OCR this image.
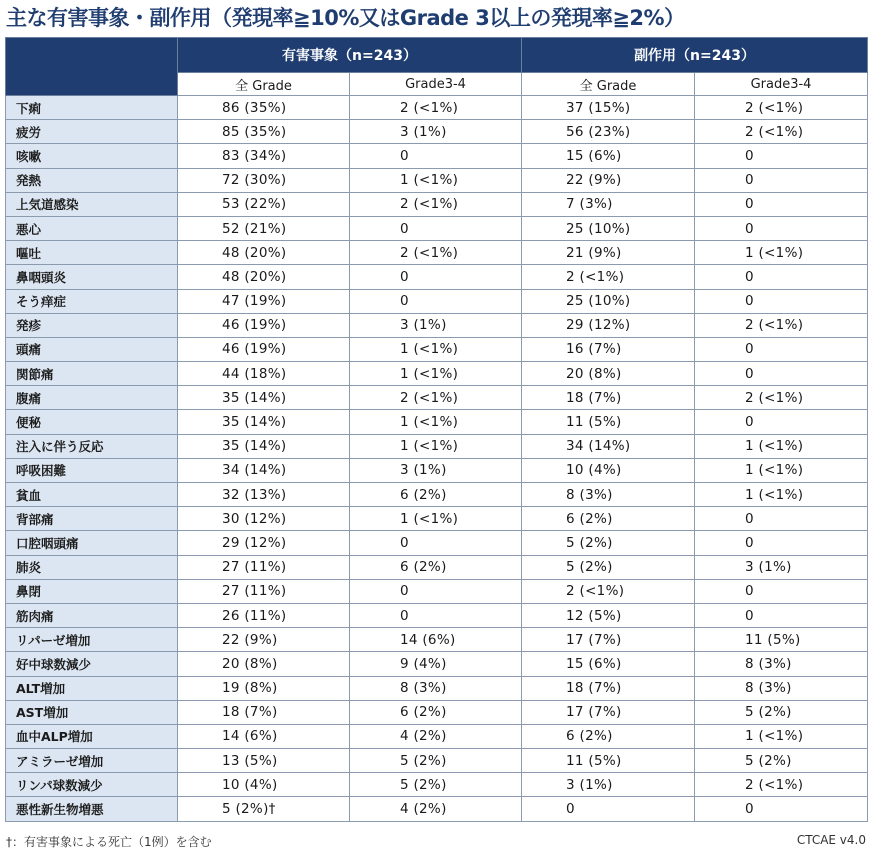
主な有害事象・副作用（発現率≧10%又はGrade 3以上の発現率≧2%）
	有害事象（n=243）		副作用（n=243）	
	全 Grade	Grade3-4	全 Grade	Grade3-4
下痢	86 (35%)	2 (<1%)	37 (15%)	2 (<1%)
疲労	85 (35%)	3 (1%)	56 (23%)	2 (<1%)
咳嗽	83 (34%)	0	15 (6%)	0
発熱	72 (30%)	1 (<1%)	22 (9%)	0
上気道感染	53 (22%)	2 (<1%)	7 (3%)	0
悪心	52 (21%)	0	25 (10%)	0
嘔吐	48 (20%)	2 (<1%)	21 (9%)	1 (<1%)
鼻咽頭炎	48 (20%)	0	2 (<1%)	0
そう痒症	47 (19%)	0	25 (10%)	0
発疹	46 (19%)	3 (1%)	29 (12%)	2 (<1%)
頭痛	46 (19%)	1 (<1%)	16 (7%)	0
関節痛	44 (18%)	1 (<1%)	20 (8%)	0
腹痛	35 (14%)	2 (<1%)	18 (7%)	2 (<1%)
便秘	35 (14%)	1 (<1%)	11 (5%)	0
注入に伴う反応	35 (14%)	1 (<1%)	34 (14%)	1 (<1%)
呼吸困難	34 (14%)	3 (1%)	10 (4%)	1 (<1%)
貧血	32 (13%)	6 (2%)	8 (3%)	1 (<1%)
背部痛	30 (12%)	1 (<1%)	6 (2%)	0
口腔咽頭痛	29 (12%)	0	5 (2%)	0
肺炎	27 (11%)	6 (2%)	5 (2%)	3 (1%)
鼻閉	27 (11%)	0	2 (<1%)	0
筋肉痛	26 (11%)	0	12 (5%)	0
リパーゼ増加	22 (9%)	14 (6%)	17 (7%)	11 (5%)
好中球数減少	20 (8%)	9 (4%)	15 (6%)	8 (3%)
ALT増加	19 (8%)	8 (3%)	18 (7%)	8 (3%)
AST増加	18 (7%)	6 (2%)	17 (7%)	5 (2%)
血中ALP増加	14 (6%)	4 (2%)	6 (2%)	1 (<1%)
アミラーゼ増加	13 (5%)	5 (2%)	11 (5%)	5 (2%)
リンパ球数減少	10 (4%)	5 (2%)	3 (1%)	2 (<1%)
悪性新生物増悪	5 (2%)†	4 (2%)	0	0
†：有害事象による死亡（1例）を含む	CTCAE v4.0
